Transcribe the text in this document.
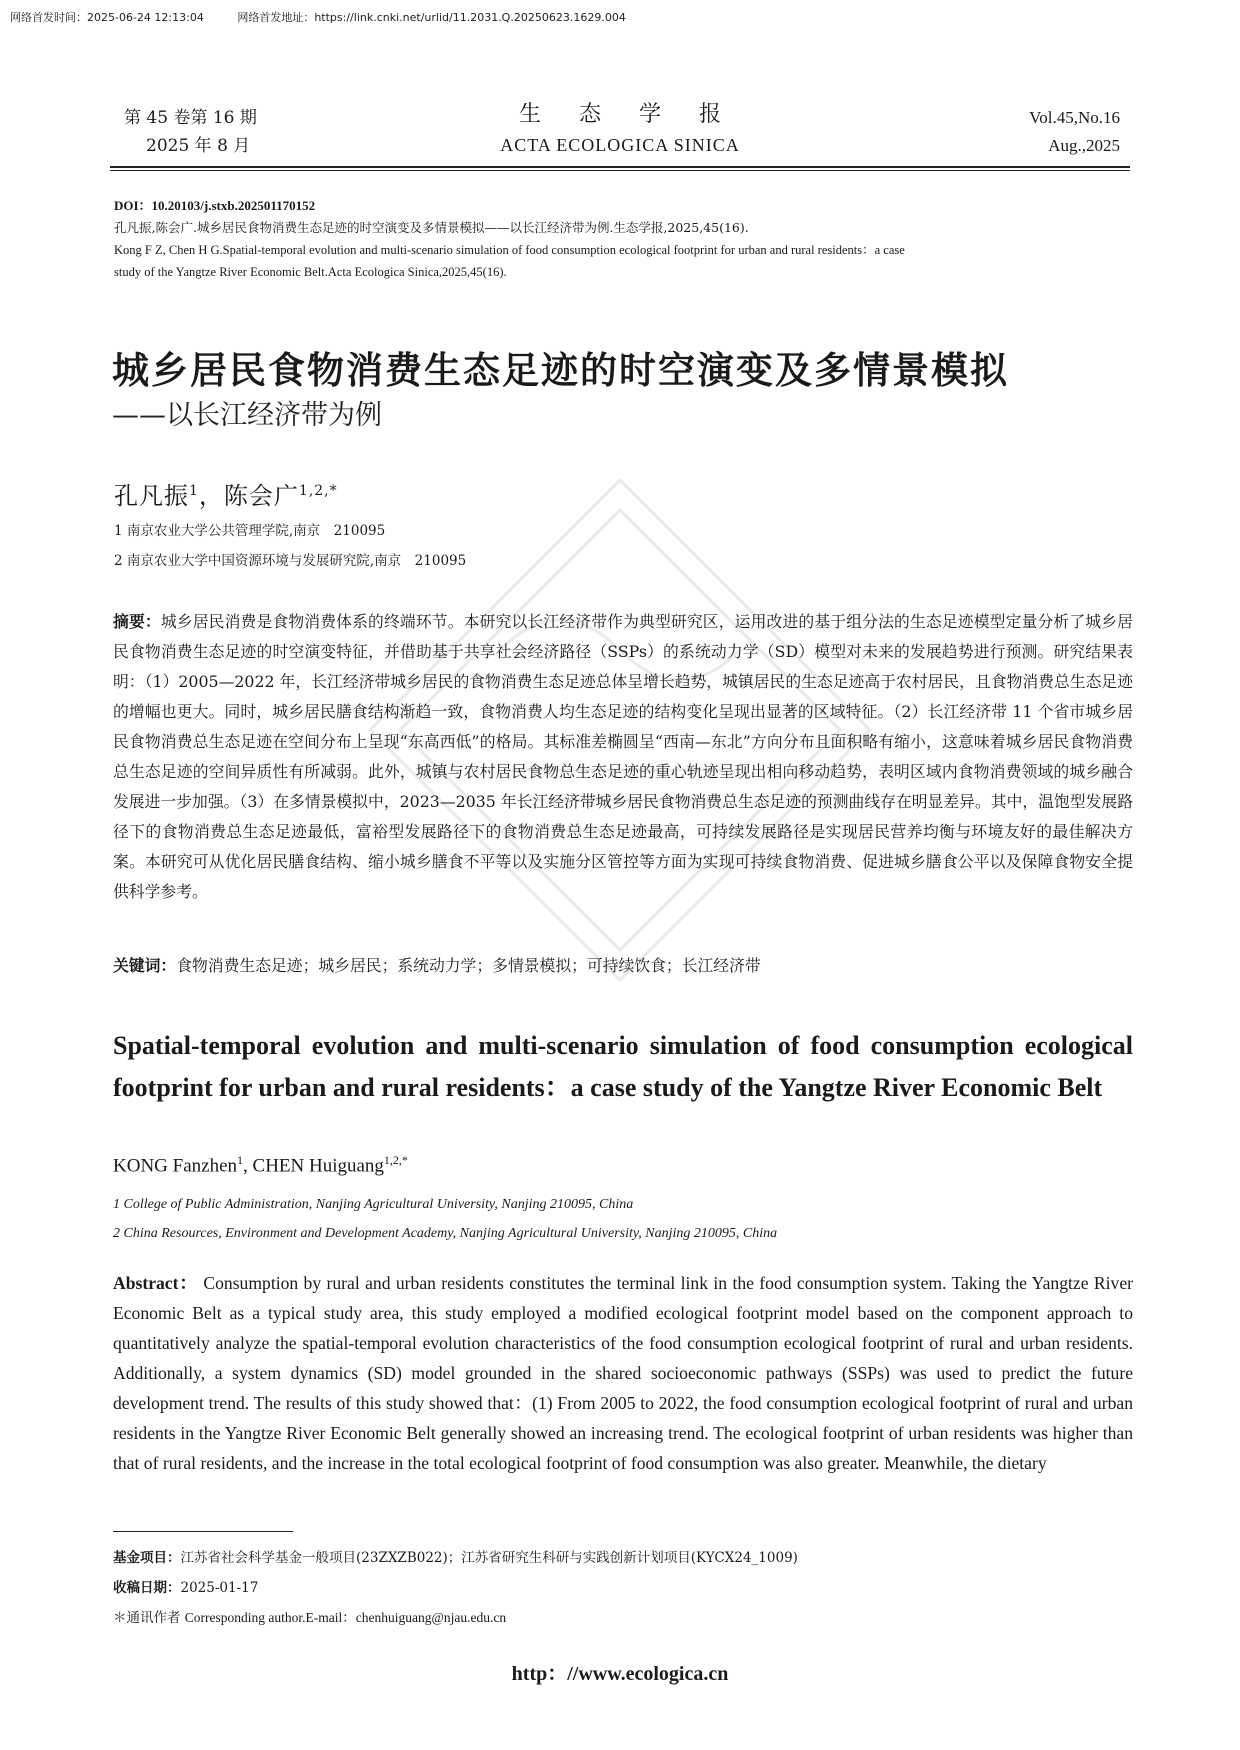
网络首发时间：2025-06-24 12:13:04	网络首发地址：https://link.cnki.net/urlid/11.2031.Q.20250623.1629.004
第 45 卷第 16 期
2025 年 8 月
生态学报
ACTA ECOLOGICA SINICA
Vol.45,No.16
Aug.,2025
DOI：10.20103/j.stxb.202501170152
孔凡振,陈会广.城乡居民食物消费生态足迹的时空演变及多情景模拟——以长江经济带为例.生态学报,2025,45(16).
Kong F Z, Chen H G.Spatial-temporal evolution and multi-scenario simulation of food consumption ecological footprint for urban and rural residents：a case
study of the Yangtze River Economic Belt.Acta Ecologica Sinica,2025,45(16).
城乡居民食物消费生态足迹的时空演变及多情景模拟
——以长江经济带为例
孔凡振$^1$，陈会广$^{1,2,*}$
1 南京农业大学公共管理学院,南京　210095
2 南京农业大学中国资源环境与发展研究院,南京　210095
摘要：城乡居民消费是食物消费体系的终端环节。本研究以长江经济带作为典型研究区，运用改进的基于组分法的生态足迹模型定量分析了城乡居民食物消费生态足迹的时空演变特征，并借助基于共享社会经济路径（SSPs）的系统动力学（SD）模型对未来的发展趋势进行预测。研究结果表明：（1）2005—2022 年，长江经济带城乡居民的食物消费生态足迹总体呈增长趋势，城镇居民的生态足迹高于农村居民，且食物消费总生态足迹的增幅也更大。同时，城乡居民膳食结构渐趋一致，食物消费人均生态足迹的结构变化呈现出显著的区域特征。（2）长江经济带 11 个省市城乡居民食物消费总生态足迹在空间分布上呈现“东高西低”的格局。其标准差椭圆呈“西南—东北”方向分布且面积略有缩小，这意味着城乡居民食物消费总生态足迹的空间异质性有所减弱。此外，城镇与农村居民食物总生态足迹的重心轨迹呈现出相向移动趋势，表明区域内食物消费领域的城乡融合发展进一步加强。（3）在多情景模拟中，2023—2035 年长江经济带城乡居民食物消费总生态足迹的预测曲线存在明显差异。其中，温饱型发展路径下的食物消费总生态足迹最低，富裕型发展路径下的食物消费总生态足迹最高，可持续发展路径是实现居民营养均衡与环境友好的最佳解决方案。本研究可从优化居民膳食结构、缩小城乡膳食不平等以及实施分区管控等方面为实现可持续食物消费、促进城乡膳食公平以及保障食物安全提供科学参考。
关键词：食物消费生态足迹；城乡居民；系统动力学；多情景模拟；可持续饮食；长江经济带
Spatial-temporal evolution and multi-scenario simulation of food consumption ecological footprint for urban and rural residents：a case study of the Yangtze River Economic Belt
KONG Fanzhen$^1$, CHEN Huiguang$^{1,2,*}$
1 College of Public Administration, Nanjing Agricultural University, Nanjing 210095, China
2 China Resources, Environment and Development Academy, Nanjing Agricultural University, Nanjing 210095, China
Abstract： Consumption by rural and urban residents constitutes the terminal link in the food consumption system. Taking the Yangtze River Economic Belt as a typical study area, this study employed a modified ecological footprint model based on the component approach to quantitatively analyze the spatial-temporal evolution characteristics of the food consumption ecological footprint of rural and urban residents. Additionally, a system dynamics (SD) model grounded in the shared socioeconomic pathways (SSPs) was used to predict the future development trend. The results of this study showed that：(1) From 2005 to 2022, the food consumption ecological footprint of rural and urban residents in the Yangtze River Economic Belt generally showed an increasing trend. The ecological footprint of urban residents was higher than that of rural residents, and the increase in the total ecological footprint of food consumption was also greater. Meanwhile, the dietary
基金项目：江苏省社会科学基金一般项目(23ZXZB022)；江苏省研究生科研与实践创新计划项目(KYCX24_1009)
收稿日期：2025-01-17
＊通讯作者 Corresponding author.E-mail：chenhuiguang@njau.edu.cn
http：//www.ecologica.cn
